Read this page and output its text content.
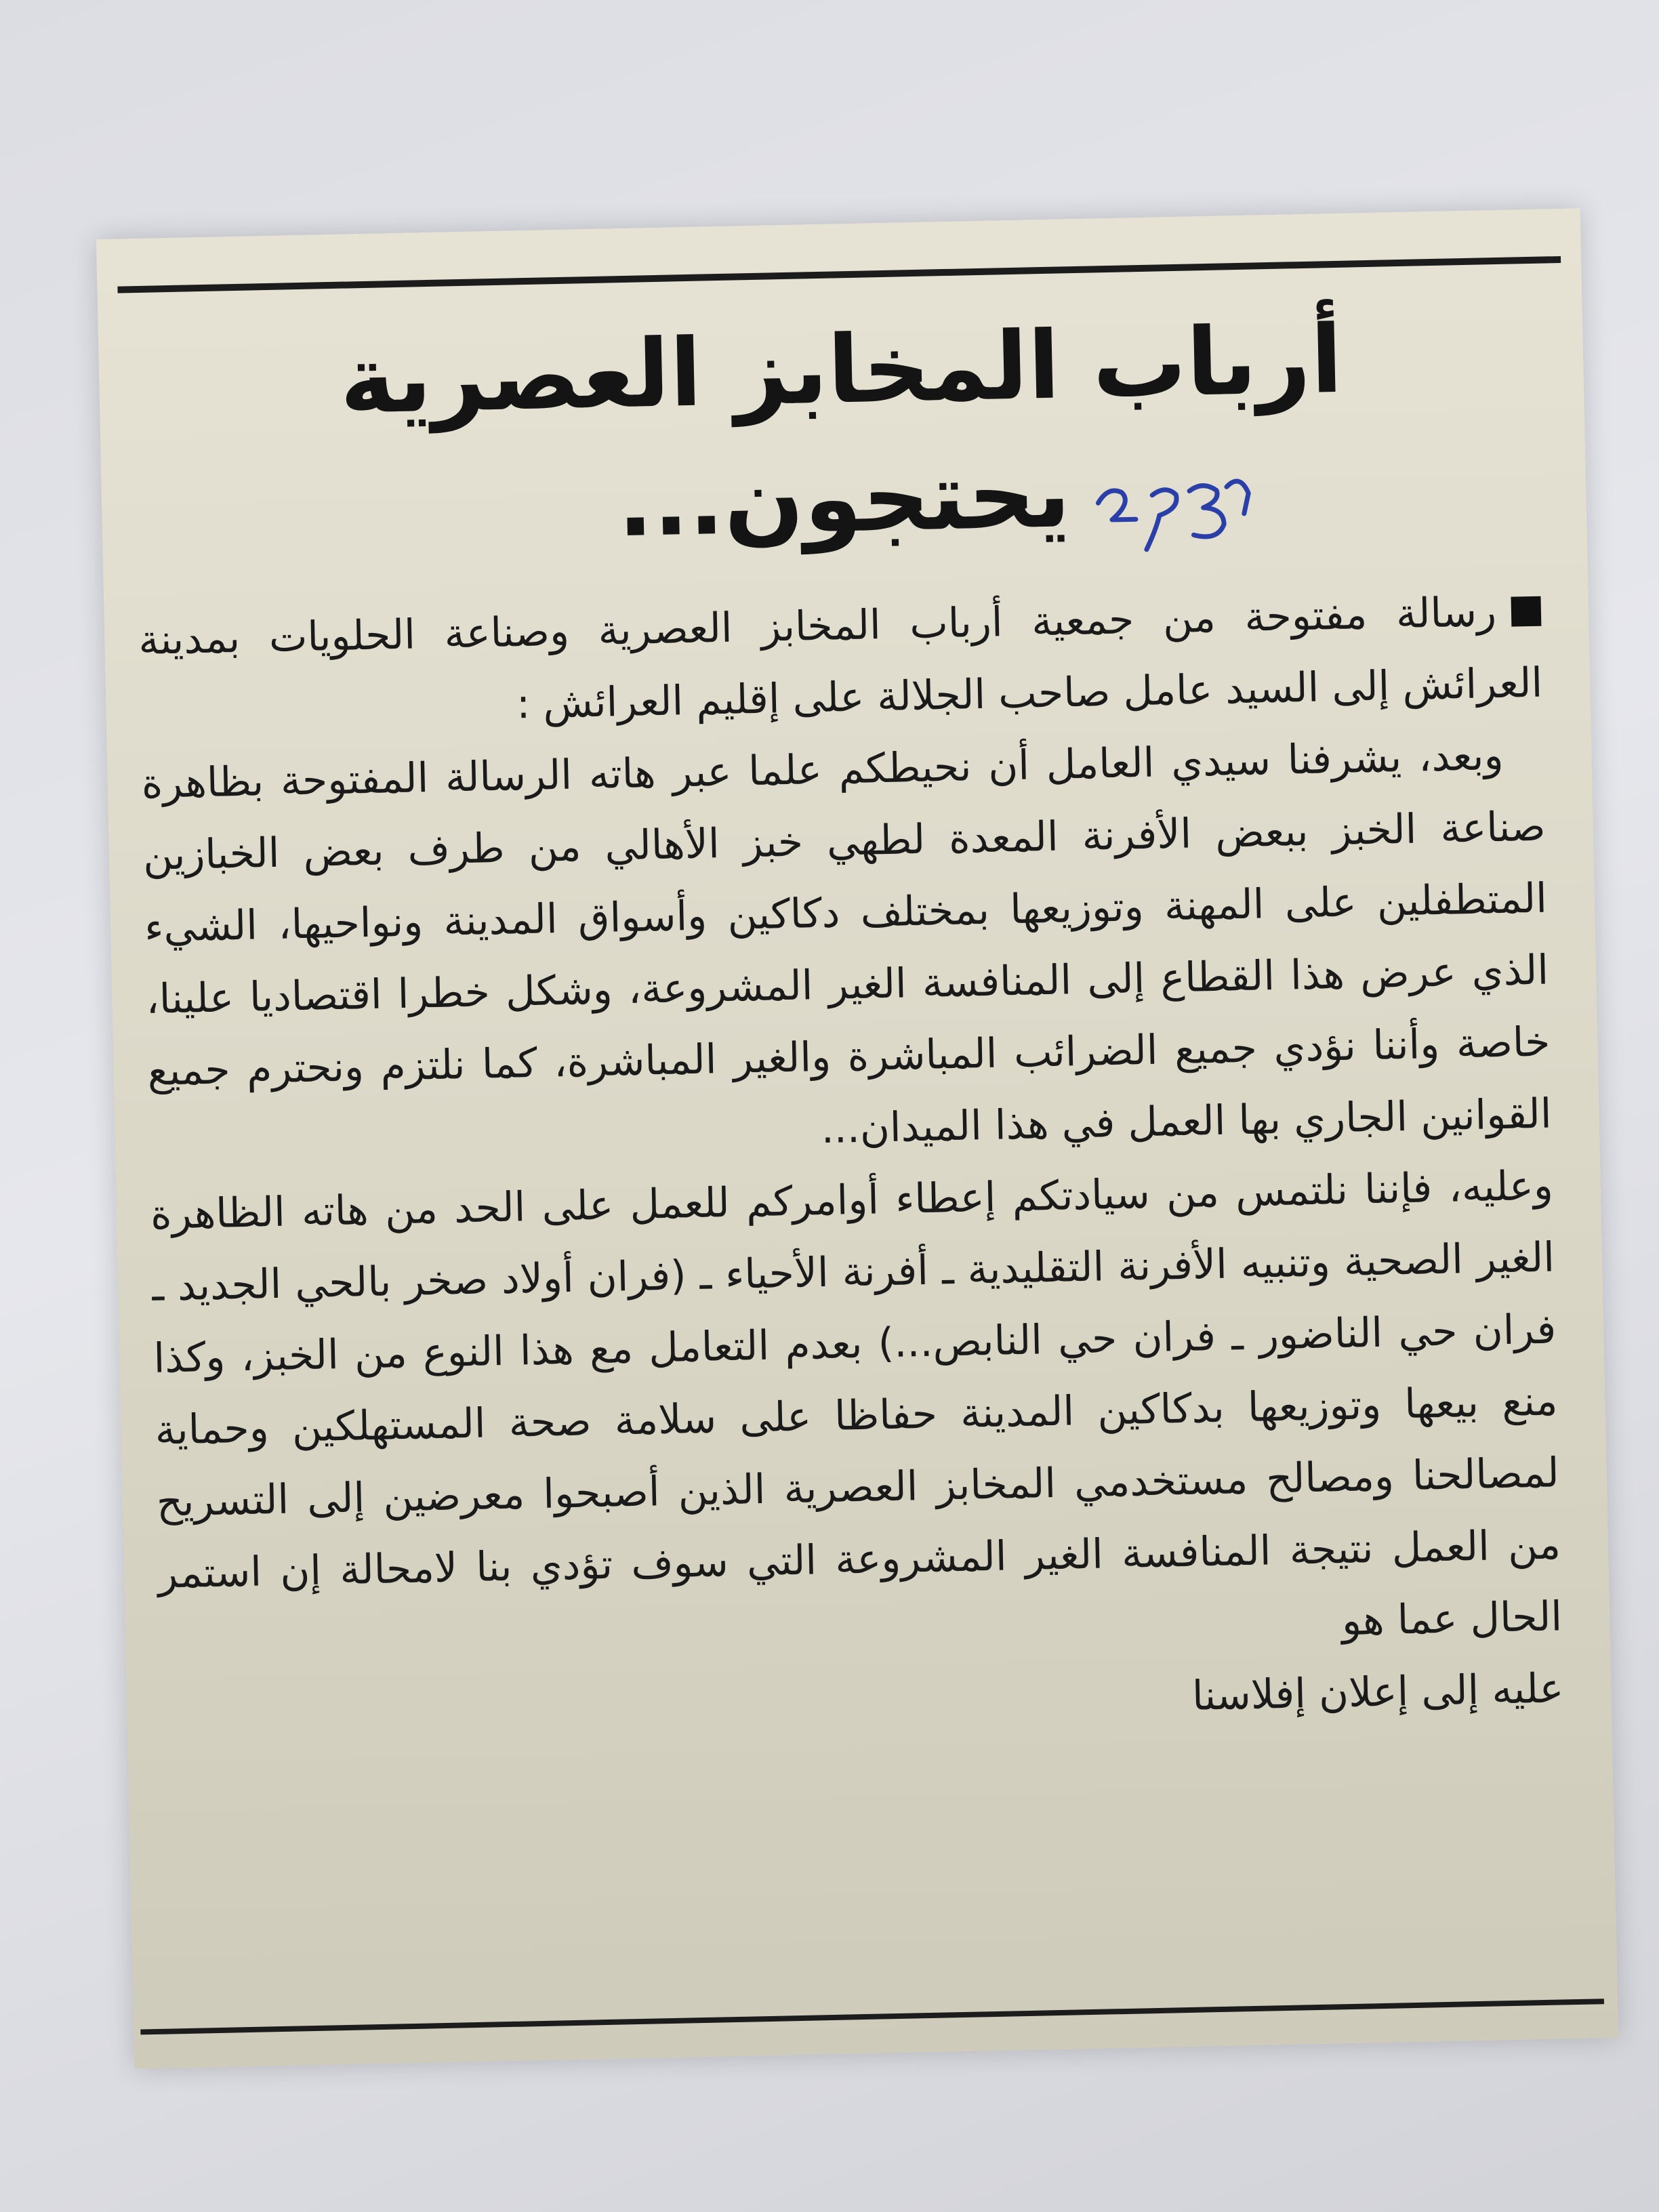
أرباب المخابز العصرية
يحتجون...

رسالة مفتوحة من جمعية أرباب المخابز العصرية وصناعة الحلويات بمدينة العرائش إلى السيد عامل صاحب الجلالة على إقليم العرائش :

وبعد، يشرفنا سيدي العامل أن نحيطكم علما عبر هاته الرسالة المفتوحة بظاهرة صناعة الخبز ببعض الأفرنة المعدة لطهي خبز الأهالي من طرف بعض الخبازين المتطفلين على المهنة وتوزيعها بمختلف دكاكين وأسواق المدينة ونواحيها، الشيء الذي عرض هذا القطاع إلى المنافسة الغير المشروعة، وشكل خطرا اقتصاديا علينا، خاصة وأننا نؤدي جميع الضرائب المباشرة والغير المباشرة، كما نلتزم ونحترم جميع القوانين الجاري بها العمل في هذا الميدان...

وعليه، فإننا نلتمس من سيادتكم إعطاء أوامركم للعمل على الحد من هاته الظاهرة الغير الصحية وتنبيه الأفرنة التقليدية ـ أفرنة الأحياء ـ (فران أولاد صخر بالحي الجديد ـ فران حي الناضور ـ فران حي النابص...) بعدم التعامل مع هذا النوع من الخبز، وكذا منع بيعها وتوزيعها بدكاكين المدينة حفاظا على سلامة صحة المستهلكين وحماية لمصالحنا ومصالح مستخدمي المخابز العصرية الذين أصبحوا معرضين إلى التسريح من العمل نتيجة المنافسة الغير المشروعة التي سوف تؤدي بنا لامحالة إن استمر الحال عما هو

عليه إلى إعلان إفلاسنا
